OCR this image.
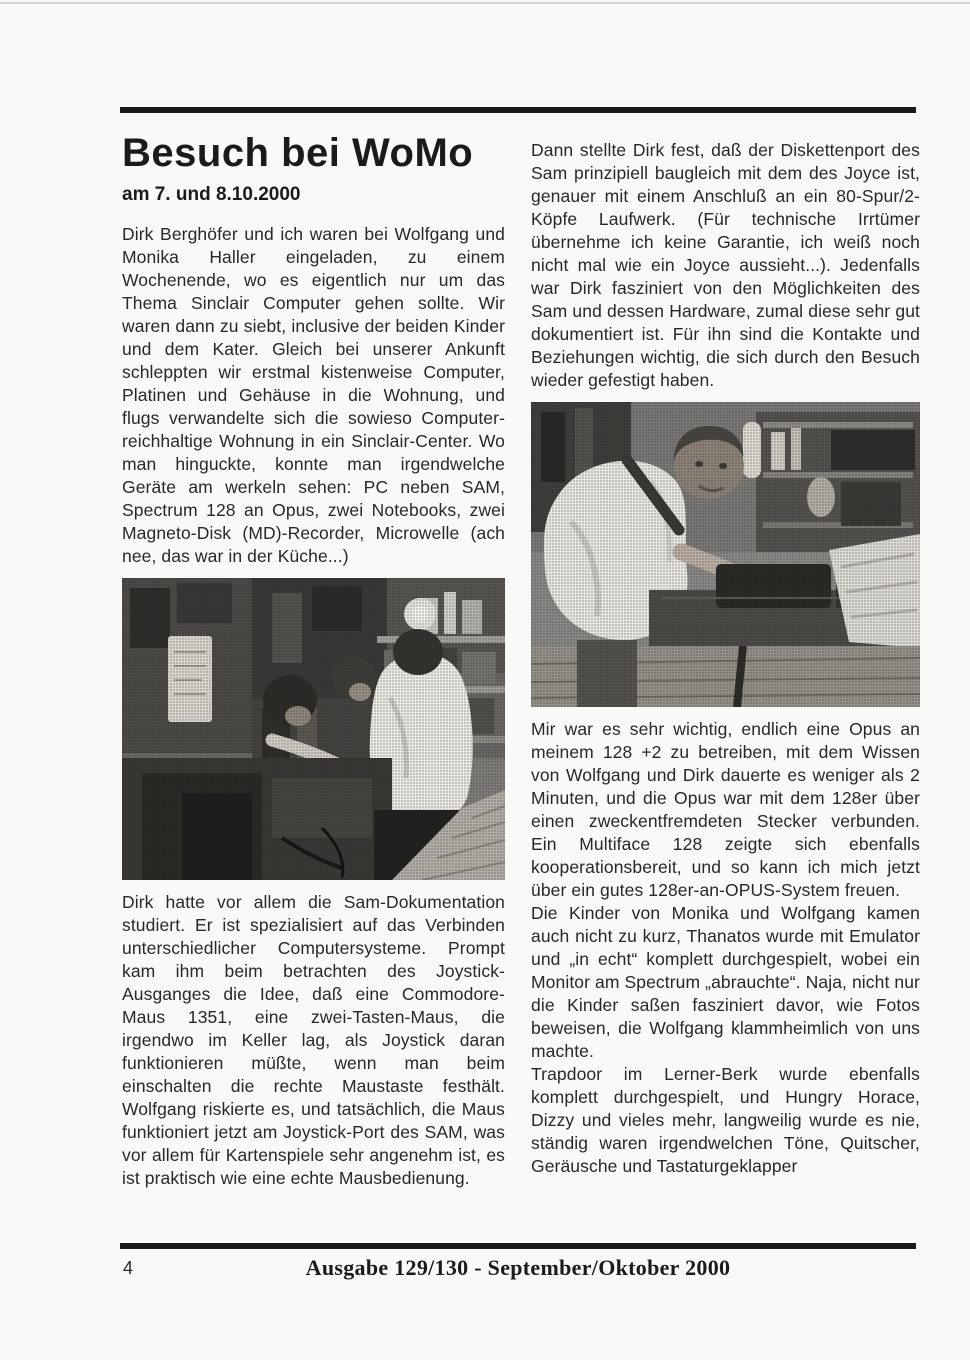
Besuch bei WoMo
am 7. und 8.10.2000

Dirk Berghöfer und ich waren bei Wolfgang und Monika Haller eingeladen, zu einem Wochenende, wo es eigentlich nur um das Thema Sinclair Computer gehen sollte. Wir waren dann zu siebt, inclusive der beiden Kinder und dem Kater. Gleich bei unserer Ankunft schleppten wir erstmal kistenweise Computer, Platinen und Gehäuse in die Wohnung, und flugs verwandelte sich die sowieso Computer-reichhaltige Wohnung in ein Sinclair-Center. Wo man hinguckte, konnte man irgendwelche Geräte am werkeln sehen: PC neben SAM, Spectrum 128 an Opus, zwei Notebooks, zwei Magneto-Disk (MD)-Recorder, Microwelle (ach nee, das war in der Küche...)

Dirk hatte vor allem die Sam-Dokumentation studiert. Er ist spezialisiert auf das Verbinden unterschiedlicher Computersysteme. Prompt kam ihm beim betrachten des Joystick-Ausganges die Idee, daß eine Commodore-Maus 1351, eine zwei-Tasten-Maus, die irgendwo im Keller lag, als Joystick daran funktionieren müßte, wenn man beim einschalten die rechte Maustaste festhält. Wolfgang riskierte es, und tatsächlich, die Maus funktioniert jetzt am Joystick-Port des SAM, was vor allem für Kartenspiele sehr angenehm ist, es ist praktisch wie eine echte Mausbedienung.

Dann stellte Dirk fest, daß der Diskettenport des Sam prinzipiell baugleich mit dem des Joyce ist, genauer mit einem Anschluß an ein 80-Spur/2-Köpfe Laufwerk. (Für technische Irrtümer übernehme ich keine Garantie, ich weiß noch nicht mal wie ein Joyce aussieht...). Jedenfalls war Dirk fasziniert von den Möglichkeiten des Sam und dessen Hardware, zumal diese sehr gut dokumentiert ist. Für ihn sind die Kontakte und Beziehungen wichtig, die sich durch den Besuch wieder gefestigt haben.

Mir war es sehr wichtig, endlich eine Opus an meinem 128 +2 zu betreiben, mit dem Wissen von Wolfgang und Dirk dauerte es weniger als 2 Minuten, und die Opus war mit dem 128er über einen zweckentfremdeten Stecker verbunden. Ein Multiface 128 zeigte sich ebenfalls kooperationsbereit, und so kann ich mich jetzt über ein gutes 128er-an-OPUS-System freuen.

Die Kinder von Monika und Wolfgang kamen auch nicht zu kurz, Thanatos wurde mit Emulator und „in echt“ komplett durchgespielt, wobei ein Monitor am Spectrum „abrauchte“. Naja, nicht nur die Kinder saßen fasziniert davor, wie Fotos beweisen, die Wolfgang klammheimlich von uns machte.

Trapdoor im Lerner-Berk wurde ebenfalls komplett durchgespielt, und Hungry Horace, Dizzy und vieles mehr, langweilig wurde es nie, ständig waren irgendwelchen Töne, Quitscher, Geräusche und Tastaturgeklapper

Ausgabe 129/130 - September/Oktober 2000
4
